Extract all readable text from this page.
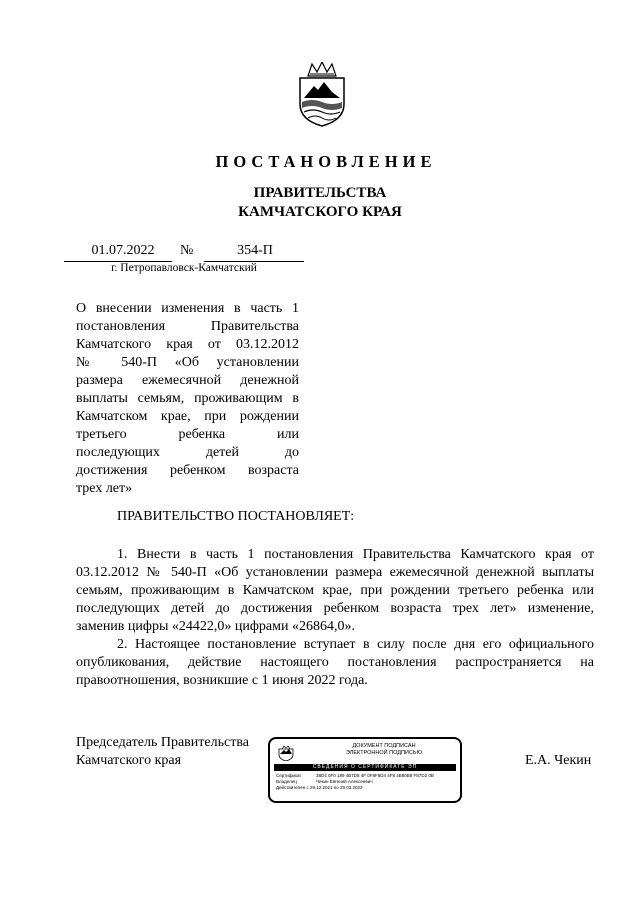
ПОСТАНОВЛЕНИЕ
ПРАВИТЕЛЬСТВА
КАМЧАТСКОГО КРАЯ
01.07.2022	№	354-П
г. Петропавловск-Камчатский
О внесении изменения в часть 1
постановления Правительства
Камчатского края от 03.12.2012
№ 540-П «Об установлении
размера ежемесячной денежной
выплаты семьям, проживающим в
Камчатском крае, при рождении
третьего ребенка или
последующих детей до
достижения ребенком возраста
трех лет»
ПРАВИТЕЛЬСТВО ПОСТАНОВЛЯЕТ:
1. Внести в часть 1 постановления Правительства Камчатского края от
03.12.2012 № 540-П «Об установлении размера ежемесячной денежной выплаты
семьям, проживающим в Камчатском крае, при рождении третьего ребенка или
последующих детей до достижения ребенком возраста трех лет» изменение,
заменив цифры «24422,0» цифрами «26864,0».
2. Настоящее постановление вступает в силу после дня его официального
опубликования, действие настоящего постановления распространяется на
правоотношения, возникшие с 1 июня 2022 года.
Председатель Правительства
Камчатского края	Е.А. Чекин
ДОКУМЕНТ ПОДПИСАН
ЭЛЕКТРОННОЙ ПОДПИСЬЮ
СВЕДЕНИЯ О СЕРТИФИКАТЕ ЭП
Сертификат	38D4 0F0 189 4B7D8 4F 0F8F8D4 4F8 4B80B8 F87D2 0B
Владелец	Чекин Евгений Алексеевич
Действителен с 29.12.2021 по 29.03.2023
